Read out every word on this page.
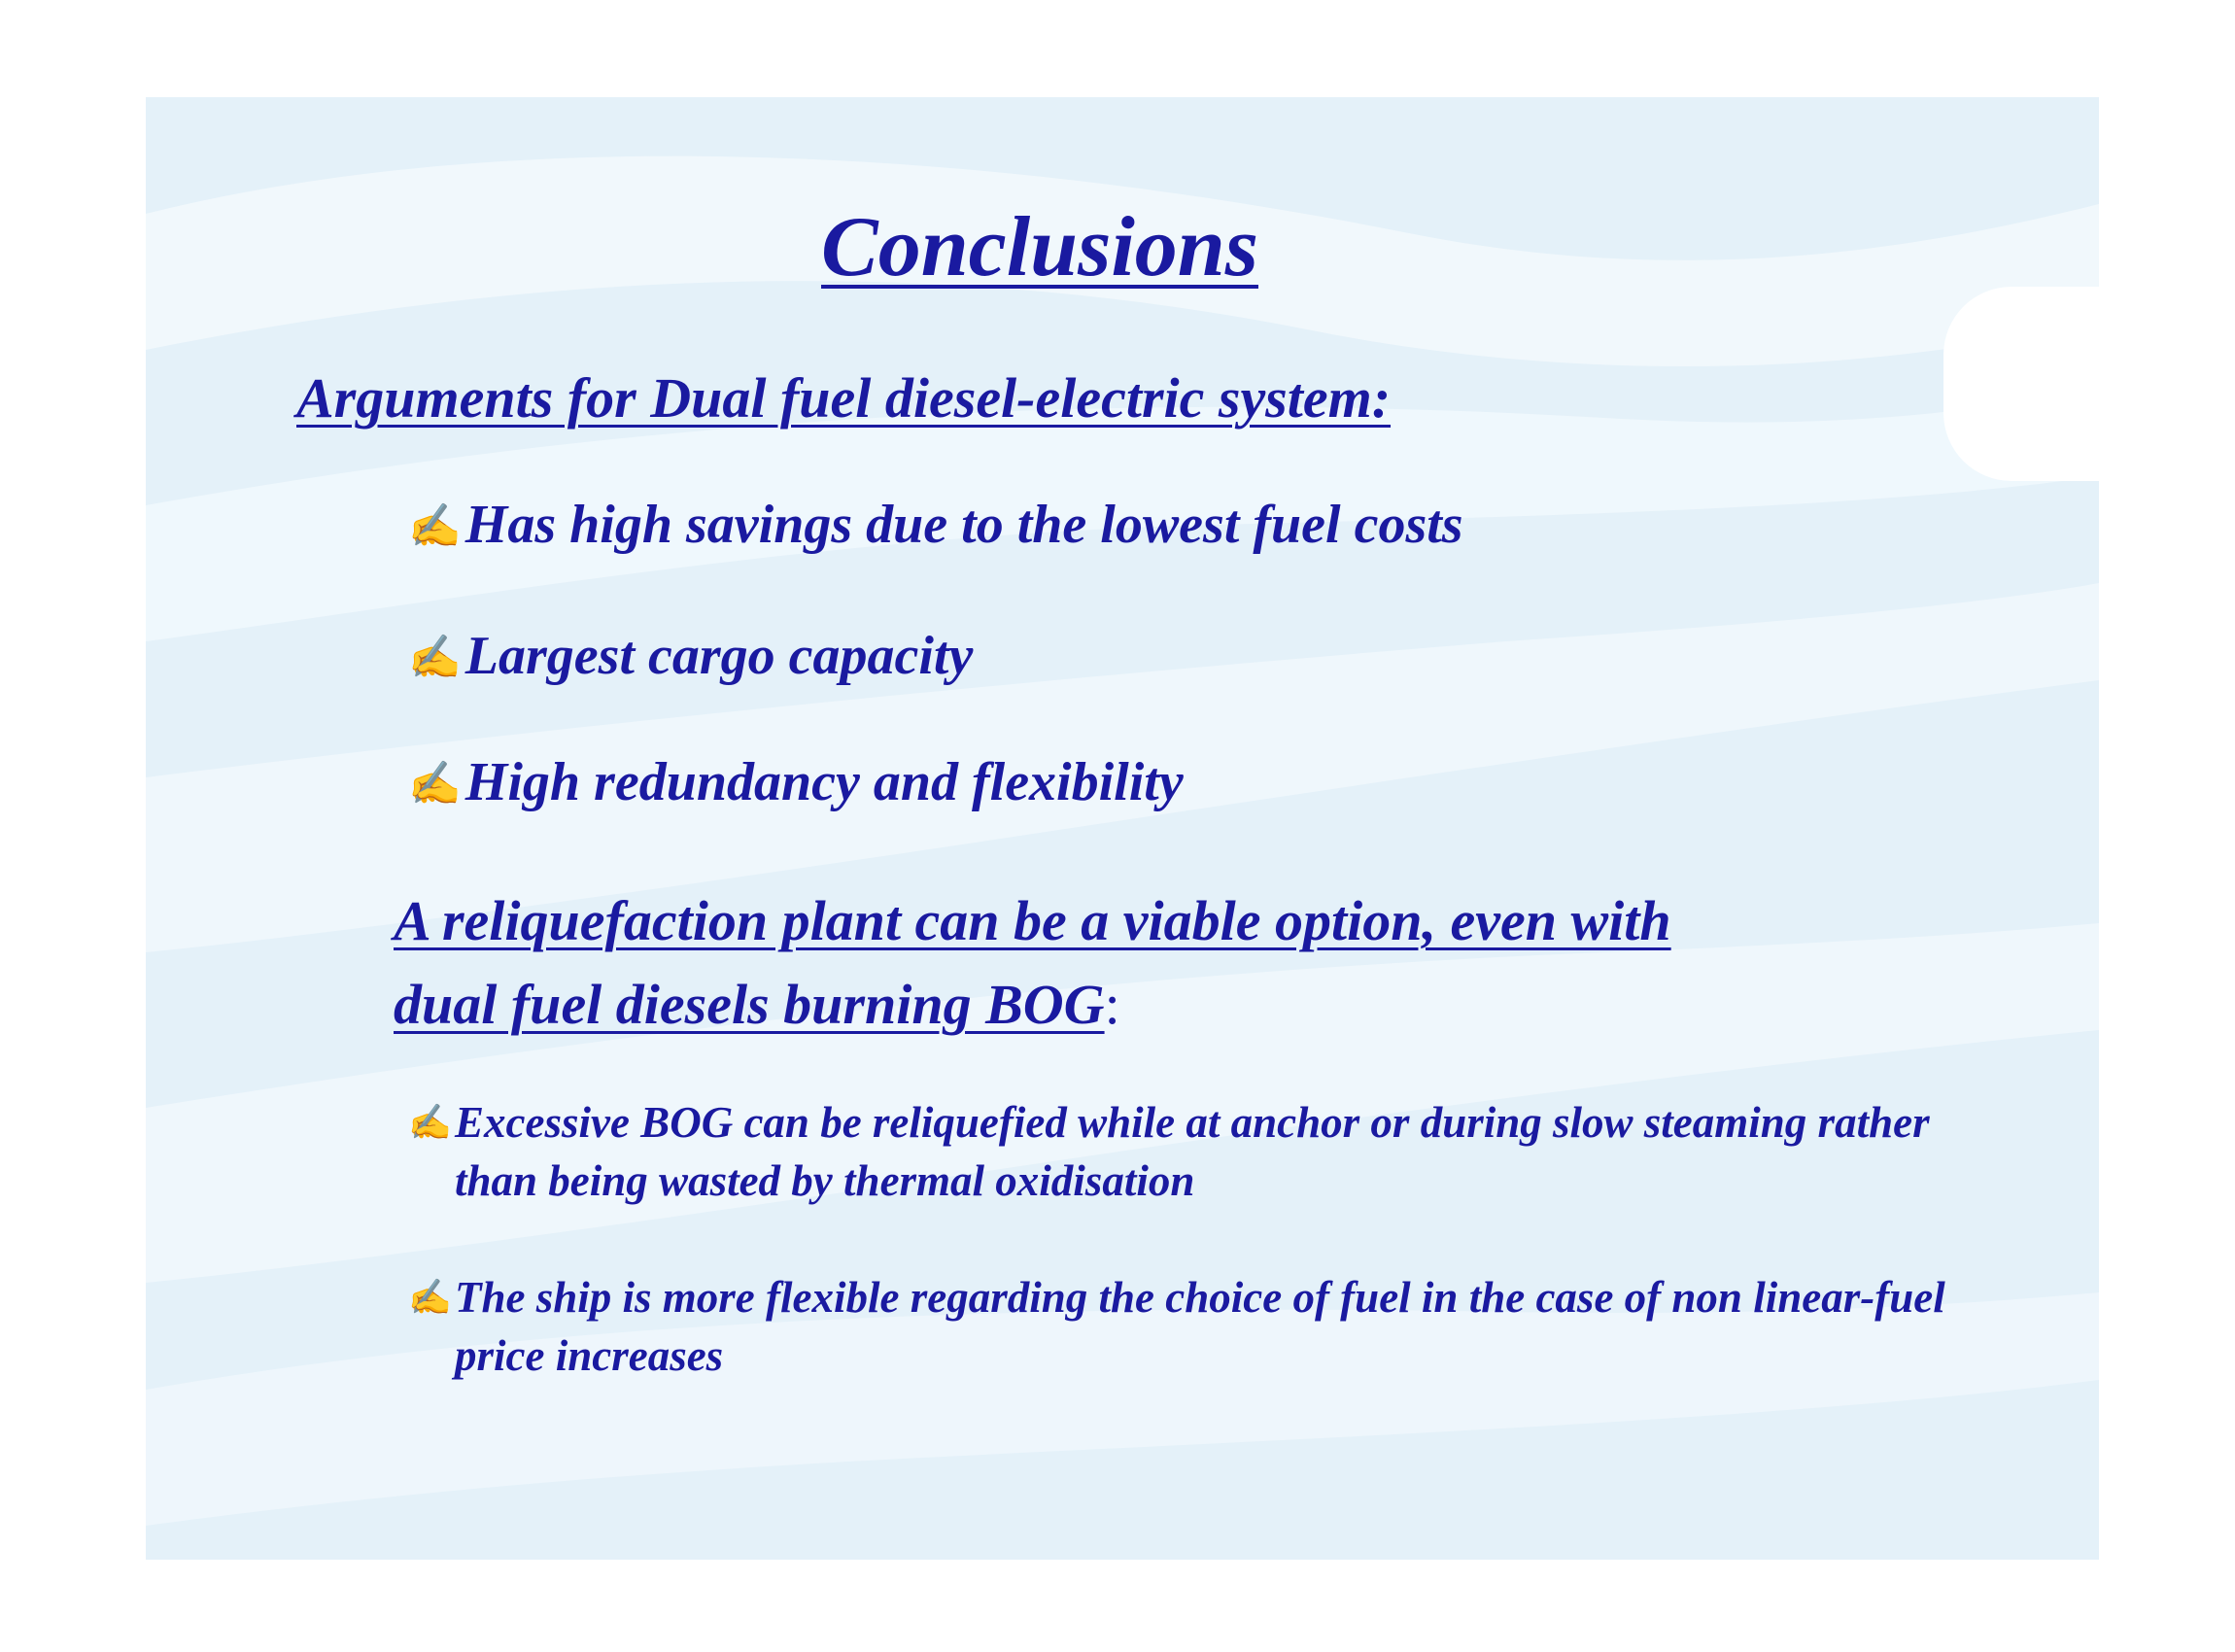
Conclusions
Arguments for Dual fuel diesel-electric system:
✍Has high savings due to the lowest fuel costs
✍Largest cargo capacity
✍High redundancy and flexibility
A reliquefaction plant can be a viable option, even with
dual fuel diesels burning BOG:
✍ Excessive BOG can be reliquefied while at anchor or during slow steaming rather than being wasted by thermal oxidisation
✍ The ship is more flexible regarding the choice of fuel in the case of non linear-fuel price increases
